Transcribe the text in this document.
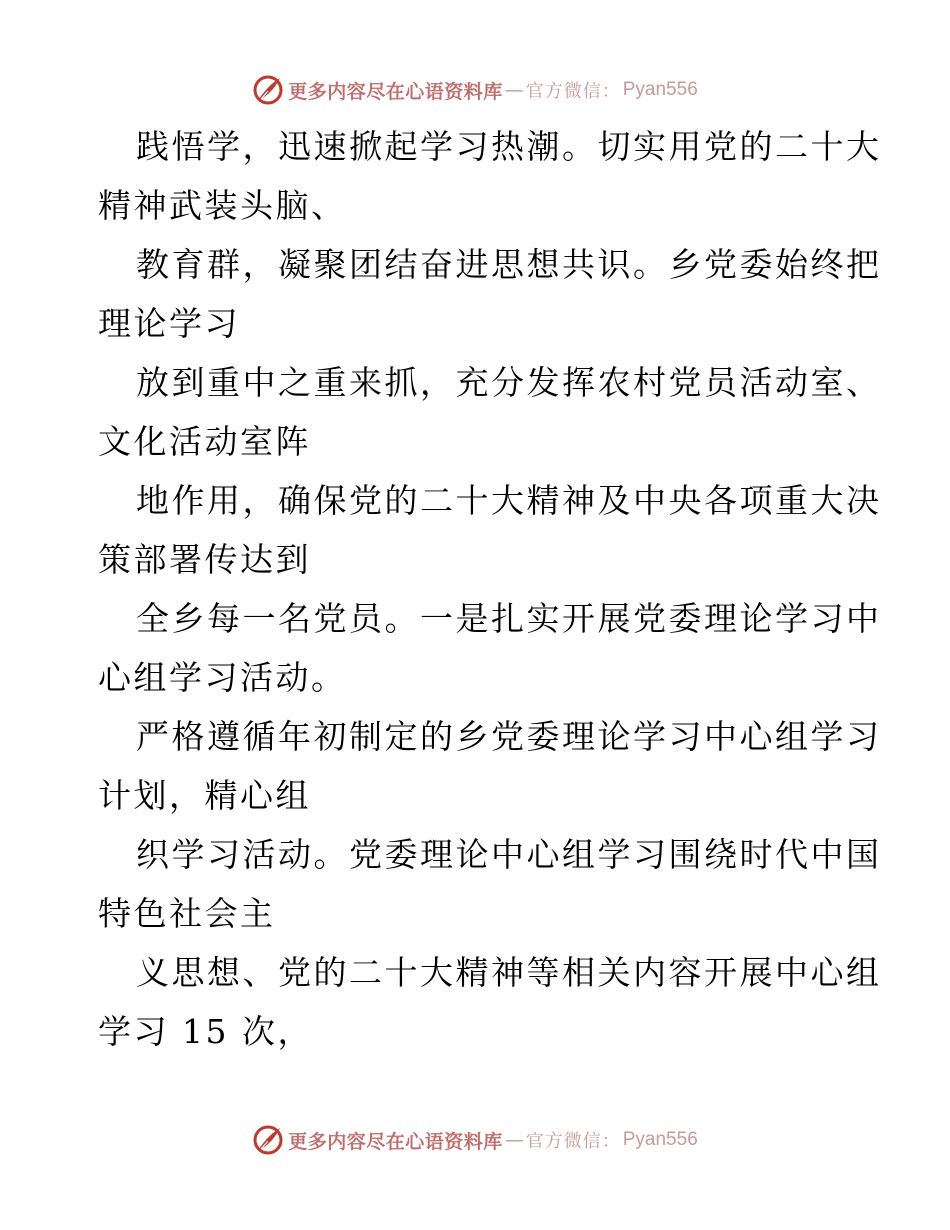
更多内容尽在心语资料库 — 官方微信： Pyan556
践悟学，迅速掀起学习热潮。切实用党的二十大
精神武装头脑、
教育群，凝聚团结奋进思想共识。乡党委始终把
理论学习
放到重中之重来抓，充分发挥农村党员活动室、
文化活动室阵
地作用，确保党的二十大精神及中央各项重大决
策部署传达到
全乡每一名党员。一是扎实开展党委理论学习中
心组学习活动。
严格遵循年初制定的乡党委理论学习中心组学习
计划，精心组
织学习活动。党委理论中心组学习围绕时代中国
特色社会主
义思想、党的二十大精神等相关内容开展中心组
学习 15 次，
更多内容尽在心语资料库 — 官方微信： Pyan556
